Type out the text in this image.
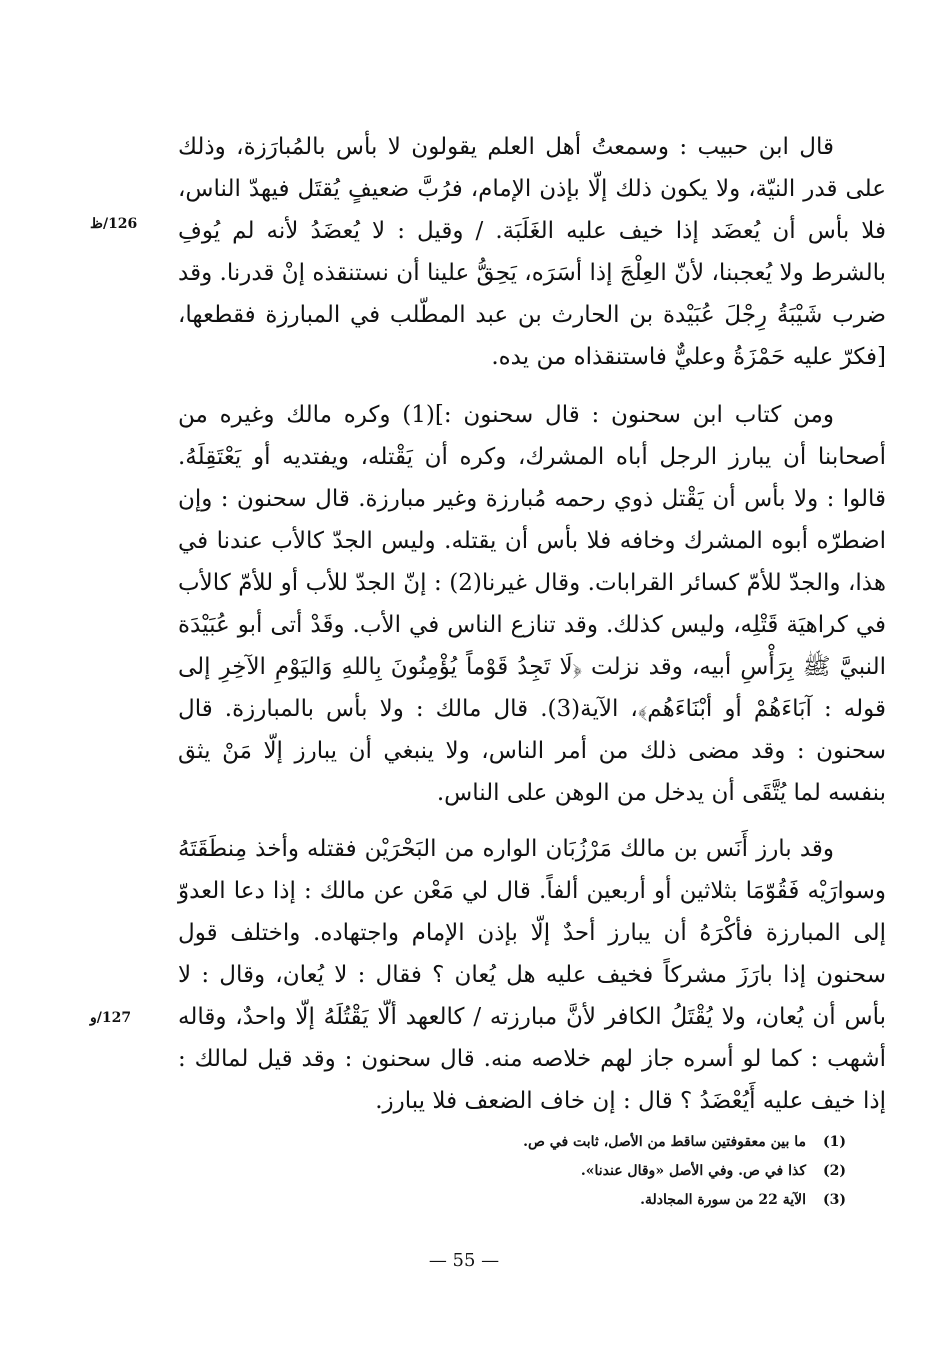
قال ابن حبيب : وسمعتُ أهل العلم يقولون لا بأس بالمُبارَزة، وذلك على قدر النيّة، ولا يكون ذلك إلّا بإذن الإمام، فرُبَّ ضعيفٍ يُقتَل فيهدّ الناس، فلا بأس أن يُعضَد إذا خيف عليه الغَلَبَة. / وقيل : لا يُعضَدُ لأنه لم يُوفِ بالشرط ولا يُعجبنا، لأنّ العِلْجَ إذا أسَرَه، يَحِقُّ علينا أن نستنقذه إنْ قدرنا. وقد ضرب شَيْبَةُ رِجْلَ عُبَيْدة بن الحارث بن عبد المطّلب في المبارزة فقطعها، [فكرّ عليه حَمْزَةُ وعليٌّ فاستنقذاه من يده.

ومن كتاب ابن سحنون : قال سحنون :](1) وكره مالك وغيره من أصحابنا أن يبارز الرجل أباه المشرك، وكره أن يَقْتله، ويفتديه أو يَعْتَقِلَهُ. قالوا : ولا بأس أن يَقْتل ذوي رحمه مُبارزة وغير مبارزة. قال سحنون : وإن اضطرّه أبوه المشرك وخافه فلا بأس أن يقتله. وليس الجدّ كالأب عندنا في هذا، والجدّ للأمّ كسائر القرابات. وقال غيرنا(2) : إنّ الجدّ للأب أو للأمّ كالأب في كراهيَة قَتْلِه، وليس كذلك. وقد تنازع الناس في الأب. وقَدْ أتى أبو عُبَيْدَة النبيَّ ﷺ بِرَأْسِ أبيه، وقد نزلت ﴿لَا تَجِدُ قَوْماً يُؤْمِنُونَ بِاللهِ وَاليَوْمِ الآخِرِ إلى قوله : آبَاءَهُمْ أو أبْنَاءَهُم﴾، الآية(3). قال مالك : ولا بأس بالمبارزة. قال سحنون : وقد مضى ذلك من أمر الناس، ولا ينبغي أن يبارز إلّا مَنْ يثق بنفسه لما يُتَّقَى أن يدخل من الوهن على الناس.

وقد بارز أَنَس بن مالك مَرْزُبَان الواره من البَحْرَيْن فقتله وأخذ مِنطَقَتَهُ وسوارَيْه فَقُوّمَا بثلاثين أو أربعين ألفاً. قال لي مَعْن عن مالك : إذا دعا العدوّ إلى المبارزة فأكْرَهُ أن يبارز أحدٌ إلّا بإذن الإمام واجتهاده. واختلف قول سحنون إذا بارَزَ مشركاً فخيف عليه هل يُعان ؟ فقال : لا يُعان، وقال : لا بأس أن يُعان، ولا يُقْتَلُ الكافر لأنَّ مبارزته / كالعهد ألّا يَقْتُلَهُ إلّا واحدٌ، وقاله أشهب : كما لو أسره جاز لهم خلاصه منه. قال سحنون : وقد قيل لمالك : إذا خيف عليه أَيُعْضَدُ ؟ قال : إن خاف الضعف فلا يبارز.

126/ظ
127/و
(1)
ما بين معقوفتين ساقط من الأصل، ثابت في ص.
(2)
كذا في ص. وفي الأصل «وقال عندنا».
(3)
الآية 22 من سورة المجادلة.
— 55 —
